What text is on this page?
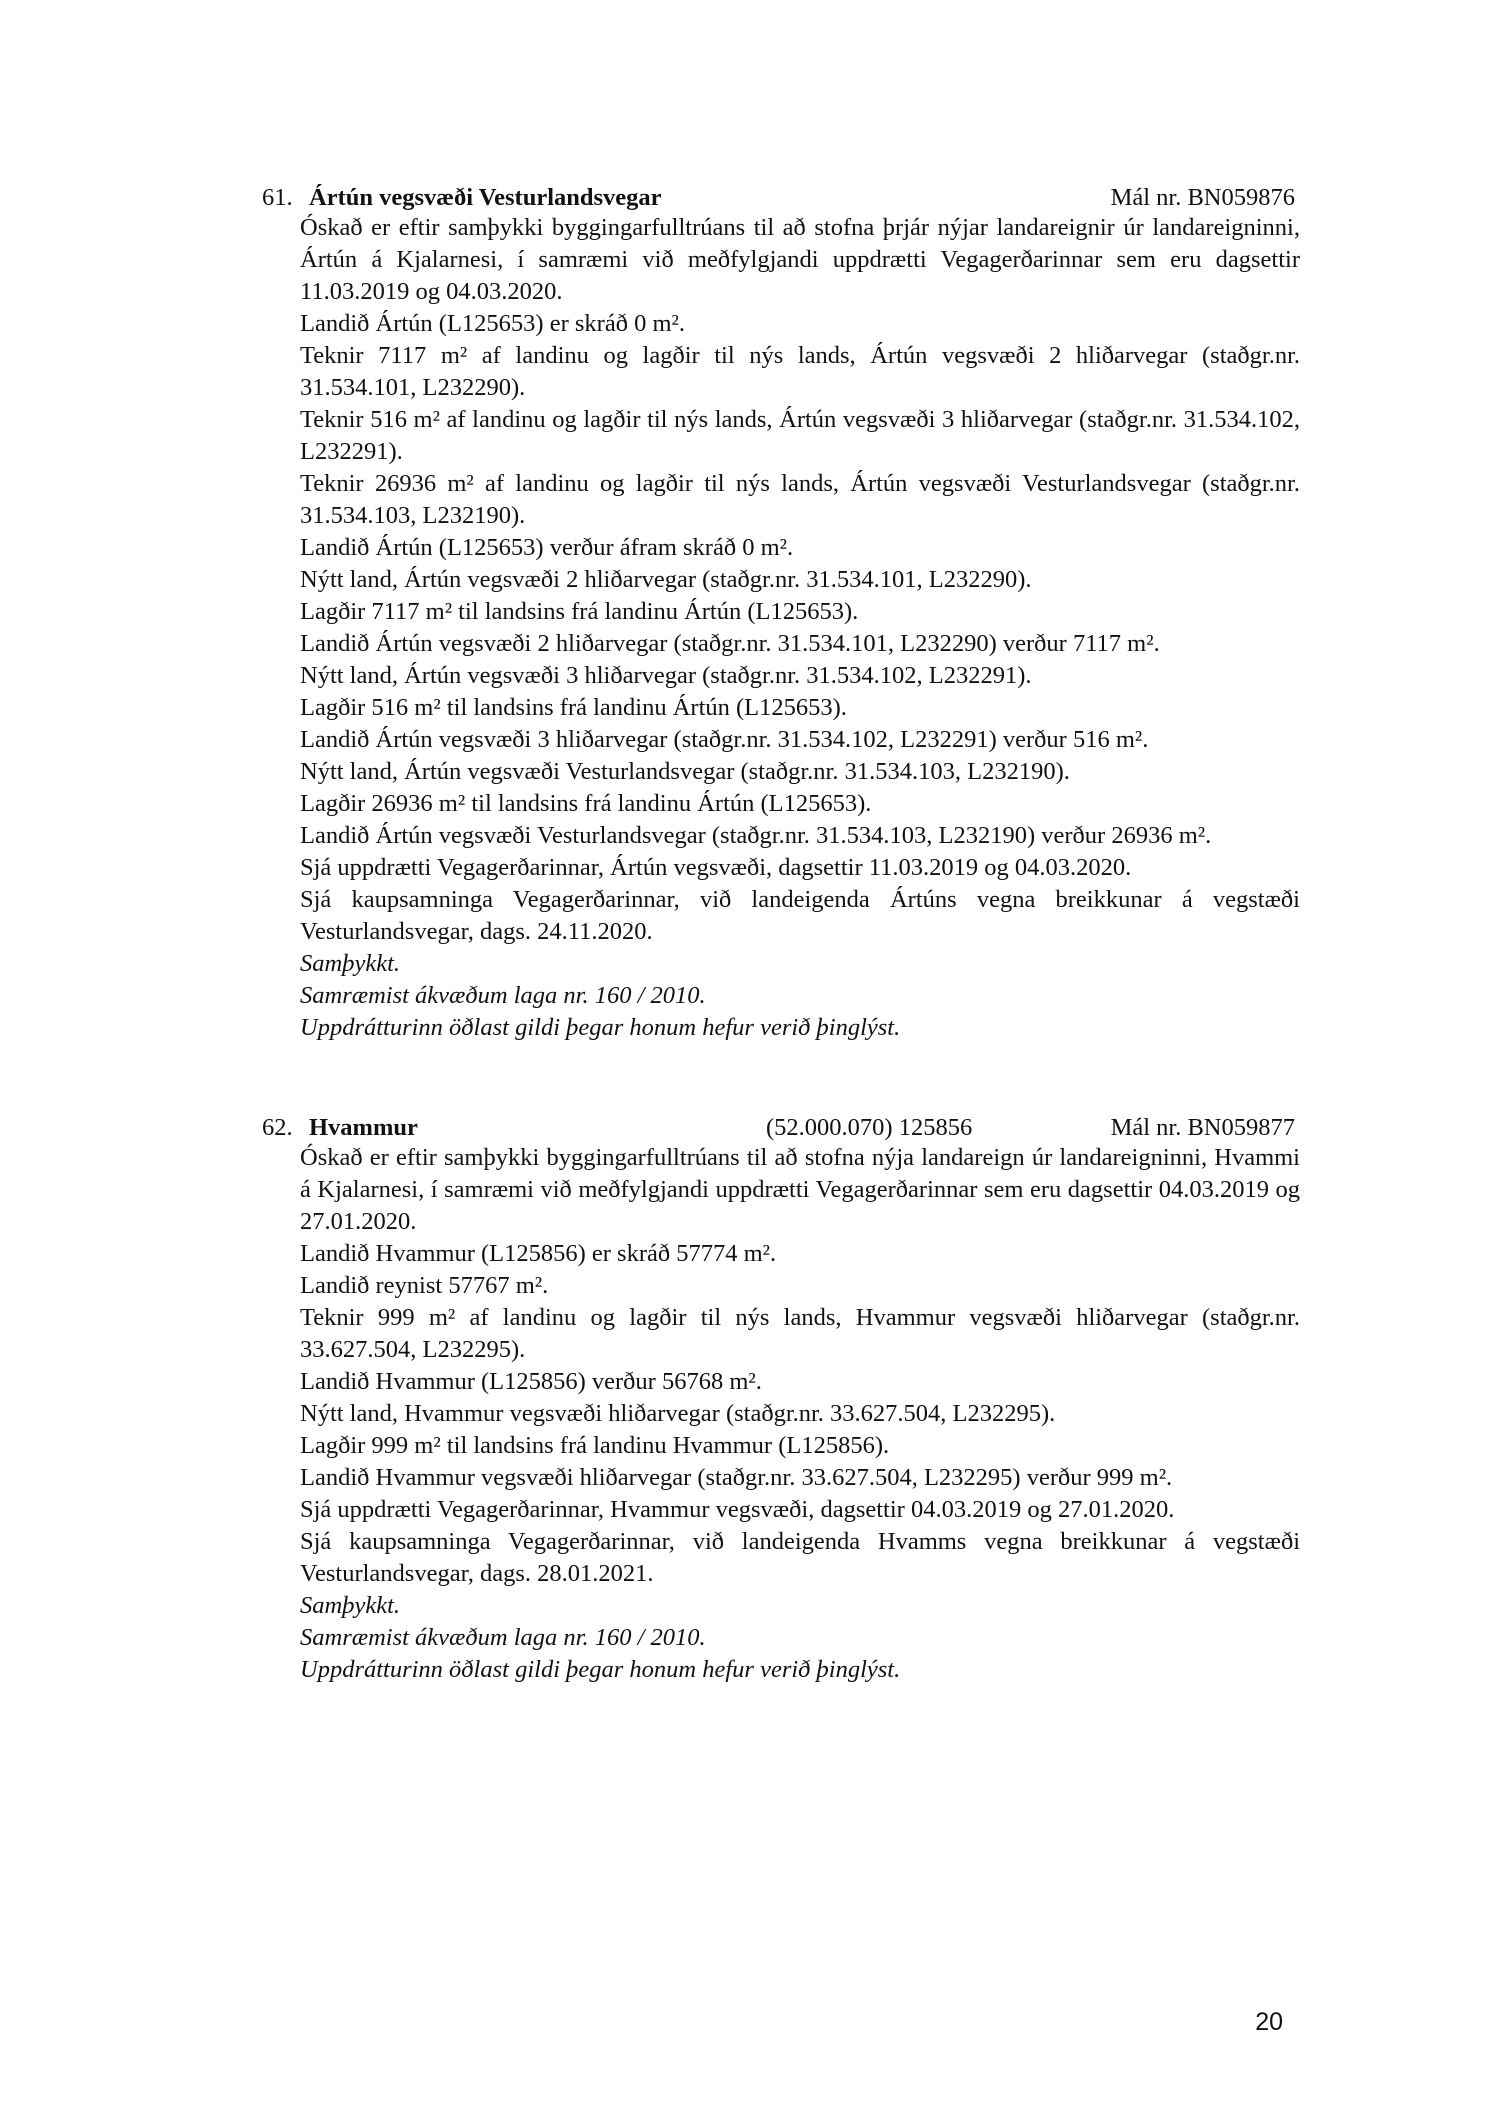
61. Ártún vegsvæði Vesturlandsvegar	Mál nr. BN059876

Óskað er eftir samþykki byggingarfulltrúans til að stofna þrjár nýjar landareignir úr landareigninni, Ártún á Kjalarnesi, í samræmi við meðfylgjandi uppdrætti Vegagerðarinnar sem eru dagsettir 11.03.2019 og 04.03.2020.

Landið Ártún (L125653) er skráð 0 m².

Teknir 7117 m² af landinu og lagðir til nýs lands, Ártún vegsvæði 2 hliðarvegar (staðgr.nr. 31.534.101, L232290).

Teknir 516 m² af landinu og lagðir til nýs lands, Ártún vegsvæði 3 hliðarvegar (staðgr.nr. 31.534.102, L232291).

Teknir 26936 m² af landinu og lagðir til nýs lands, Ártún vegsvæði Vesturlandsvegar (staðgr.nr. 31.534.103, L232190).

Landið Ártún (L125653) verður áfram skráð 0 m².

Nýtt land, Ártún vegsvæði 2 hliðarvegar (staðgr.nr. 31.534.101, L232290).

Lagðir 7117 m² til landsins frá landinu Ártún (L125653).

Landið Ártún vegsvæði 2 hliðarvegar (staðgr.nr. 31.534.101, L232290) verður 7117 m².

Nýtt land, Ártún vegsvæði 3 hliðarvegar (staðgr.nr. 31.534.102, L232291).

Lagðir 516 m² til landsins frá landinu Ártún (L125653).

Landið Ártún vegsvæði 3 hliðarvegar (staðgr.nr. 31.534.102, L232291) verður 516 m².

Nýtt land, Ártún vegsvæði Vesturlandsvegar (staðgr.nr. 31.534.103, L232190).

Lagðir 26936 m² til landsins frá landinu Ártún (L125653).

Landið Ártún vegsvæði Vesturlandsvegar (staðgr.nr. 31.534.103, L232190) verður 26936 m².

Sjá uppdrætti Vegagerðarinnar, Ártún vegsvæði, dagsettir 11.03.2019 og 04.03.2020.

Sjá kaupsamninga Vegagerðarinnar, við landeigenda Ártúns vegna breikkunar á vegstæði Vesturlandsvegar, dags. 24.11.2020.

Samþykkt.

Samræmist ákvæðum laga nr. 160 / 2010.

Uppdrátturinn öðlast gildi þegar honum hefur verið þinglýst.

62. Hvammur	(52.000.070) 125856	Mál nr. BN059877

Óskað er eftir samþykki byggingarfulltrúans til að stofna nýja landareign úr landareigninni, Hvammi á Kjalarnesi, í samræmi við meðfylgjandi uppdrætti Vegagerðarinnar sem eru dagsettir 04.03.2019 og 27.01.2020.

Landið Hvammur (L125856) er skráð 57774 m².

Landið reynist 57767 m².

Teknir 999 m² af landinu og lagðir til nýs lands, Hvammur vegsvæði hliðarvegar (staðgr.nr. 33.627.504, L232295).

Landið Hvammur (L125856) verður 56768 m².

Nýtt land, Hvammur vegsvæði hliðarvegar (staðgr.nr. 33.627.504, L232295).

Lagðir 999 m² til landsins frá landinu Hvammur (L125856).

Landið Hvammur vegsvæði hliðarvegar (staðgr.nr. 33.627.504, L232295) verður 999 m².

Sjá uppdrætti Vegagerðarinnar, Hvammur vegsvæði, dagsettir 04.03.2019 og 27.01.2020.

Sjá kaupsamninga Vegagerðarinnar, við landeigenda Hvamms vegna breikkunar á vegstæði Vesturlandsvegar, dags. 28.01.2021.

Samþykkt.

Samræmist ákvæðum laga nr. 160 / 2010.

Uppdrátturinn öðlast gildi þegar honum hefur verið þinglýst.

20
